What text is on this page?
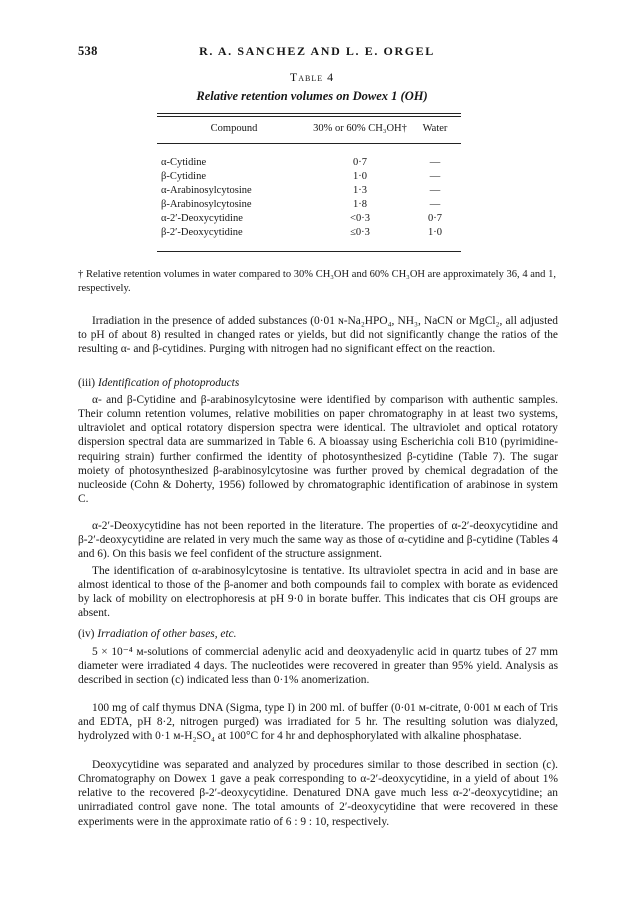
538	R. A. SANCHEZ AND L. E. ORGEL
Table 4
Relative retention volumes on Dowex 1 (OH)
Compound	30% or 60% CH₃OH†	Water
α-Cytidine	0·7	—
β-Cytidine	1·0	—
α-Arabinosylcytosine	1·3	—
β-Arabinosylcytosine	1·8	—
α-2′-Deoxycytidine	<0·3	0·7
β-2′-Deoxycytidine	≤0·3	1·0
† Relative retention volumes in water compared to 30% CH₃OH and 60% CH₃OH are approximately 36, 4 and 1, respectively.
Irradiation in the presence of added substances (0·01 ɴ-Na₂HPO₄, NH₃, NaCN or MgCl₂, all adjusted to pH of about 8) resulted in changed rates or yields, but did not significantly change the ratios of the resulting α- and β-cytidines. Purging with nitrogen had no significant effect on the reaction.
(iii) Identification of photoproducts
α- and β-Cytidine and β-arabinosylcytosine were identified by comparison with authentic samples. Their column retention volumes, relative mobilities on paper chromatography in at least two systems, ultraviolet and optical rotatory dispersion spectra were identical. The ultraviolet and optical rotatory dispersion spectral data are summarized in Table 6. A bioassay using Escherichia coli B10 (pyrimidine-requiring strain) further confirmed the identity of photosynthesized β-cytidine (Table 7). The sugar moiety of photosynthesized β-arabinosylcytosine was further proved by chemical degradation of the nucleoside (Cohn & Doherty, 1956) followed by chromatographic identification of arabinose in system C.
α-2′-Deoxycytidine has not been reported in the literature. The properties of α-2′-deoxycytidine and β-2′-deoxycytidine are related in very much the same way as those of α-cytidine and β-cytidine (Tables 4 and 6). On this basis we feel confident of the structure assignment.
The identification of α-arabinosylcytosine is tentative. Its ultraviolet spectra in acid and in base are almost identical to those of the β-anomer and both compounds fail to complex with borate as evidenced by lack of mobility on electrophoresis at pH 9·0 in borate buffer. This indicates that cis OH groups are absent.
(iv) Irradiation of other bases, etc.
5 × 10⁻⁴ ᴍ-solutions of commercial adenylic acid and deoxyadenylic acid in quartz tubes of 27 mm diameter were irradiated 4 days. The nucleotides were recovered in greater than 95% yield. Analysis as described in section (c) indicated less than 0·1% anomerization.
100 mg of calf thymus DNA (Sigma, type I) in 200 ml. of buffer (0·01 ᴍ-citrate, 0·001 ᴍ each of Tris and EDTA, pH 8·2, nitrogen purged) was irradiated for 5 hr. The resulting solution was dialyzed, hydrolyzed with 0·1 ᴍ-H₂SO₄ at 100°C for 4 hr and dephosphorylated with alkaline phosphatase.
Deoxycytidine was separated and analyzed by procedures similar to those described in section (c). Chromatography on Dowex 1 gave a peak corresponding to α-2′-deoxycytidine, in a yield of about 1% relative to the recovered β-2′-deoxycytidine. Denatured DNA gave much less α-2′-deoxycytidine; an unirradiated control gave none. The total amounts of 2′-deoxycytidine that were recovered in these experiments were in the approximate ratio of 6 : 9 : 10, respectively.
